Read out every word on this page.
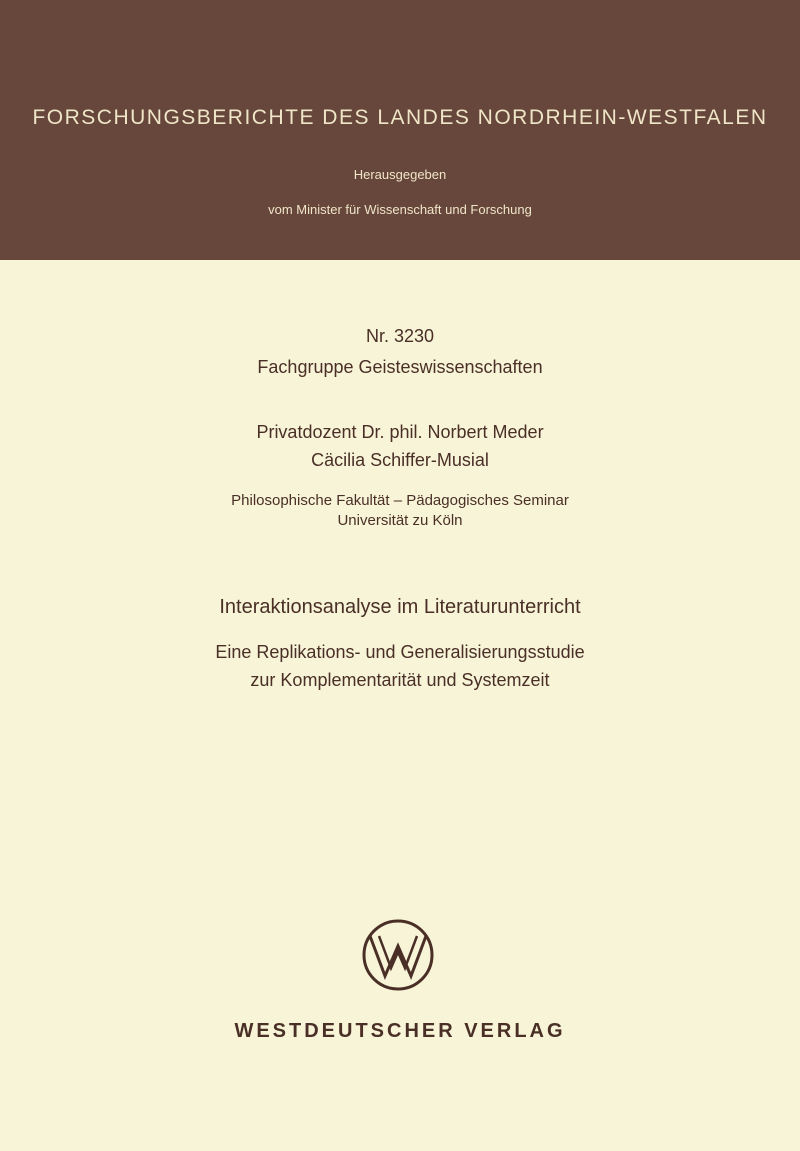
FORSCHUNGSBERICHTE DES LANDES NORDRHEIN-WESTFALEN
Herausgegeben
vom Minister für Wissenschaft und Forschung
Nr. 3230
Fachgruppe Geisteswissenschaften
Privatdozent Dr. phil. Norbert Meder
Cäcilia Schiffer-Musial
Philosophische Fakultät – Pädagogisches Seminar
Universität zu Köln
Interaktionsanalyse im Literaturunterricht
Eine Replikations- und Generalisierungsstudie
zur Komplementarität und Systemzeit
WESTDEUTSCHER VERLAG
